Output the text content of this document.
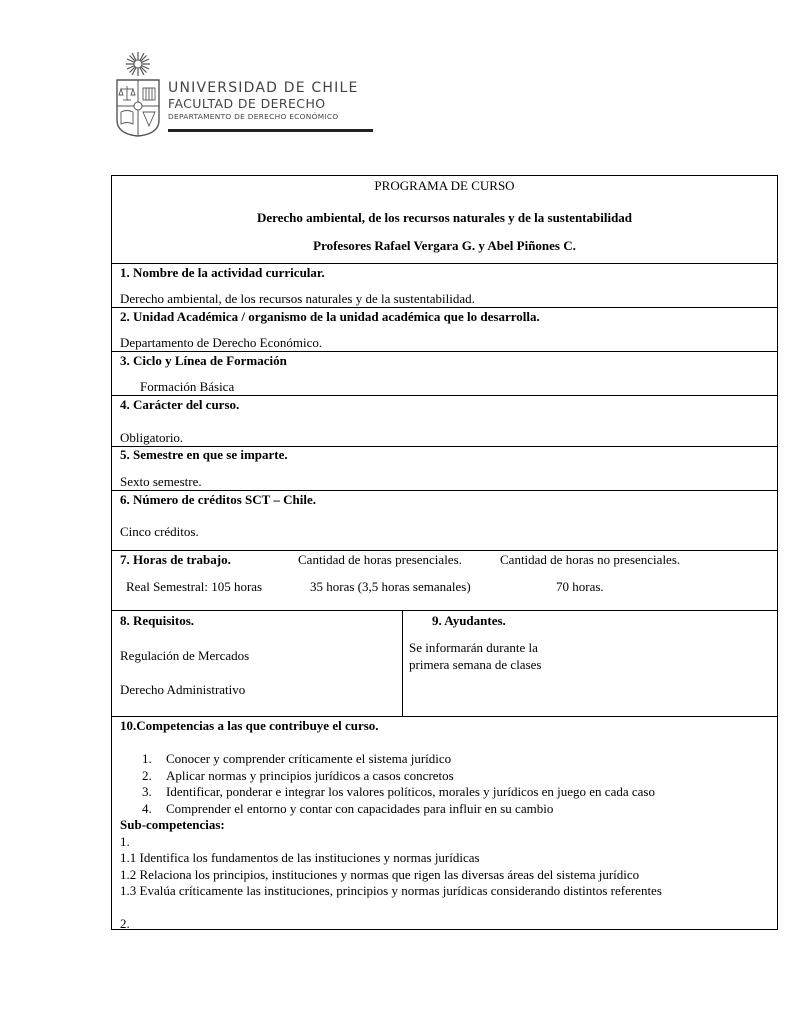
UNIVERSIDAD DE CHILE
FACULTAD DE DERECHO
DEPARTAMENTO DE DERECHO ECONÓMICO
PROGRAMA DE CURSO
Derecho ambiental, de los recursos naturales y de la sustentabilidad
Profesores Rafael Vergara G. y Abel Piñones C.
1. Nombre de la actividad curricular.
Derecho ambiental, de los recursos naturales y de la sustentabilidad.
2. Unidad Académica / organismo de la unidad académica que lo desarrolla.
Departamento de Derecho Económico.
3. Ciclo y Línea de Formación
Formación Básica
4. Carácter del curso.
Obligatorio.
5. Semestre en que se imparte.
Sexto semestre.
6. Número de créditos SCT – Chile.
Cinco créditos.
7. Horas de trabajo.	Cantidad de horas presenciales.	Cantidad de horas no presenciales.
Real Semestral: 105 horas	35 horas (3,5 horas semanales)	70 horas.
8. Requisitos.
Regulación de Mercados
Derecho Administrativo
9. Ayudantes.
Se informarán durante la
primera semana de clases
10.Competencias a las que contribuye el curso.
1. Conocer y comprender críticamente el sistema jurídico
2. Aplicar normas y principios jurídicos a casos concretos
3. Identificar, ponderar e integrar los valores políticos, morales y jurídicos en juego en cada caso
4. Comprender el entorno y contar con capacidades para influir en su cambio
Sub-competencias:
1.
1.1 Identifica los fundamentos de las instituciones y normas jurídicas
1.2 Relaciona los principios, instituciones y normas que rigen las diversas áreas del sistema jurídico
1.3 Evalúa críticamente las instituciones, principios y normas jurídicas considerando distintos referentes
2.
